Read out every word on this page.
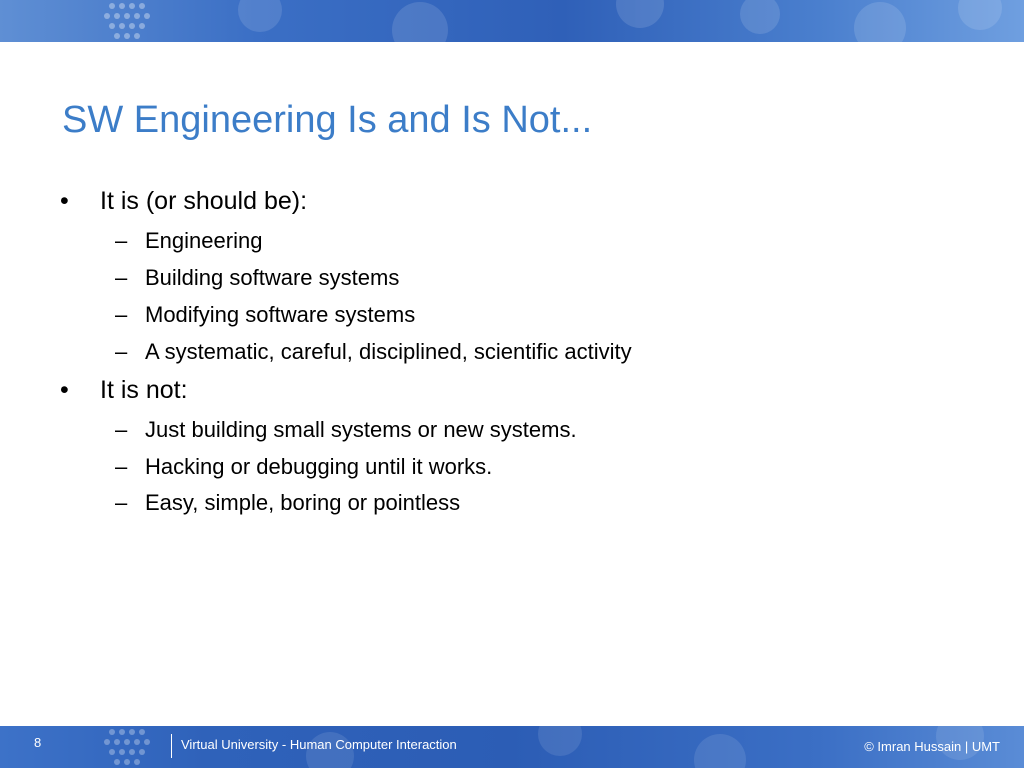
SW Engineering Is and Is Not...
• It is (or should be):
– Engineering
– Building software systems
– Modifying software systems
– A systematic, careful, disciplined, scientific activity
• It is not:
– Just building small systems or new systems.
– Hacking or debugging until it works.
– Easy, simple, boring or pointless
8	Virtual University - Human Computer Interaction	© Imran Hussain | UMT
